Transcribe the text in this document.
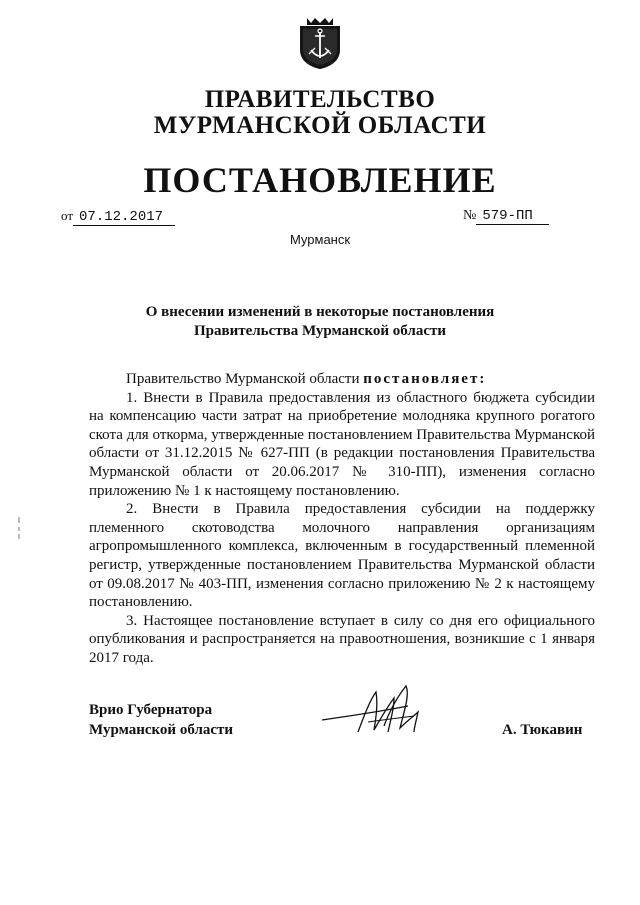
ПРАВИТЕЛЬСТВО
МУРМАНСКОЙ ОБЛАСТИ
ПОСТАНОВЛЕНИЕ
от 07.12.2017	№ 579-ПП
Мурманск
О внесении изменений в некоторые постановления
Правительства Мурманской области

Правительство Мурманской области постановляет:

1. Внести в Правила предоставления из областного бюджета субсидии на компенсацию части затрат на приобретение молодняка крупного рогатого скота для откорма, утвержденные постановлением Правительства Мурманской области от 31.12.2015 № 627-ПП (в редакции постановления Правительства Мурманской области от 20.06.2017 № 310-ПП), изменения согласно приложению № 1 к настоящему постановлению.

2. Внести в Правила предоставления субсидии на поддержку племенного скотоводства молочного направления организациям агропромышленного комплекса, включенным в государственный племенной регистр, утвержденные постановлением Правительства Мурманской области от 09.08.2017 № 403-ПП, изменения согласно приложению № 2 к настоящему постановлению.

3. Настоящее постановление вступает в силу со дня его официального опубликования и распространяется на правоотношения, возникшие с 1 января 2017 года.

Врио Губернатора
Мурманской области	А. Тюкавин
